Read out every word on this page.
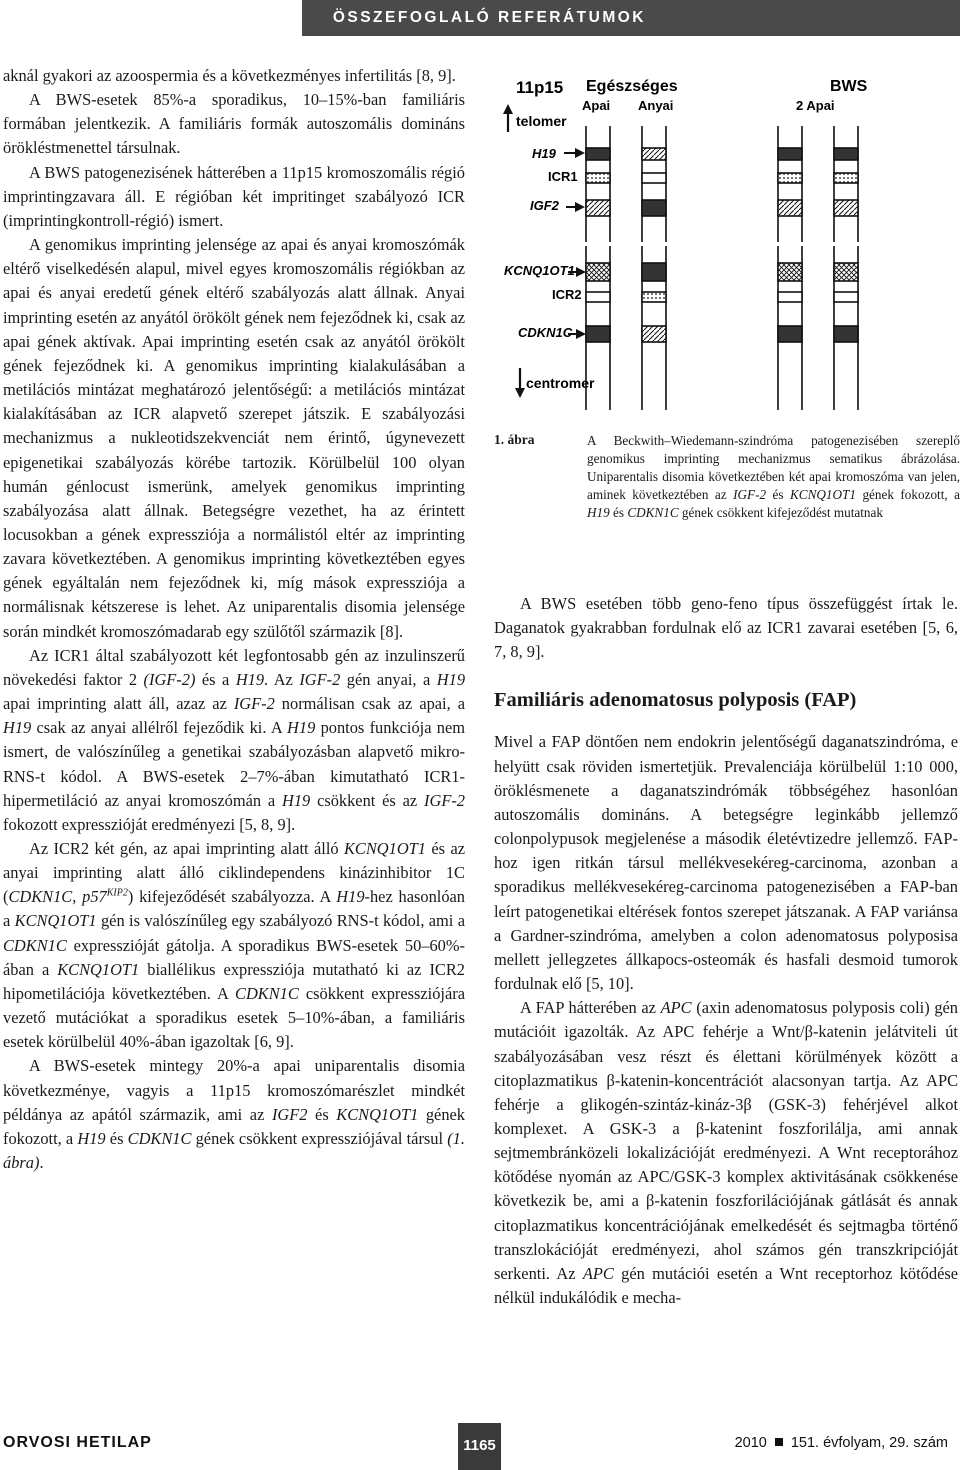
ÖSSZEFOGLALÓ REFERÁTUMOK

aknál gyakori az azoospermia és a következményes infertilitás [8, 9].

A BWS-esetek 85%-a sporadikus, 10–15%-ban familiáris formában jelentkezik. A familiáris formák autoszomális domináns örökléstmenettel társulnak.

A BWS patogenezisének hátterében a 11p15 kromoszomális régió imprintingzavara áll. E régióban két impritinget szabályozó ICR (imprintingkontroll-régió) ismert.

A genomikus imprinting jelensége az apai és anyai kromoszómák eltérő viselkedésén alapul, mivel egyes kromoszomális régiókban az apai és anyai eredetű gének eltérő szabályozás alatt állnak. Anyai imprinting esetén az anyától örökölt gének nem fejeződnek ki, csak az apai gének aktívak. Apai imprinting esetén csak az anyától örökölt gének fejeződnek ki. A genomikus imprinting kialakulásában a metilációs mintázat meghatározó jelentőségű: a metilációs mintázat kialakításában az ICR alapvető szerepet játszik. E szabályozási mechanizmus a nukleotidszekvenciát nem érintő, úgynevezett epigenetikai szabályozás körébe tartozik. Körülbelül 100 olyan humán génlocust ismerünk, amelyek genomikus imprinting szabályozása alatt állnak. Betegségre vezethet, ha az érintett locusokban a gének expressziója a normálistól eltér az imprinting zavara következtében. A genomikus imprinting következtében egyes gének egyáltalán nem fejeződnek ki, míg mások expressziója a normálisnak kétszerese is lehet. Az uniparentalis disomia jelensége során mindkét kromoszómadarab egy szülőtől származik [8].

Az ICR1 által szabályozott két legfontosabb gén az inzulinszerű növekedési faktor 2 (IGF-2) és a H19. Az IGF-2 gén anyai, a H19 apai imprinting alatt áll, azaz az IGF-2 normálisan csak az apai, a H19 csak az anyai allélről fejeződik ki. A H19 pontos funkciója nem ismert, de valószínűleg a genetikai szabályozásban alapvető mikro-RNS-t kódol. A BWS-esetek 2–7%-ában kimutatható ICR1-hipermetiláció az anyai kromoszómán a H19 csökkent és az IGF-2 fokozott expresszióját eredményezi [5, 8, 9].

Az ICR2 két gén, az apai imprinting alatt álló KCNQ1OT1 és az anyai imprinting alatt álló ciklindependens kinázinhibitor 1C (CDKN1C, $p57^{KIP2}$) kifejeződését szabályozza. A H19-hez hasonlóan a KCNQ1OT1 gén is valószínűleg egy szabályozó RNS-t kódol, ami a CDKN1C expresszióját gátolja. A sporadikus BWS-esetek 50–60%-ában a KCNQ1OT1 biallélikus expressziója mutatható ki az ICR2 hipometilációja következtében. A CDKN1C csökkent expressziójára vezető mutációkat a sporadikus esetek 5–10%-ában, a familiáris esetek körülbelül 40%-ában igazoltak [6, 9].

A BWS-esetek mintegy 20%-a apai uniparentalis disomia következménye, vagyis a 11p15 kromoszómarészlet mindkét példánya az apától származik, ami az IGF2 és KCNQ1OT1 gének fokozott, a H19 és CDKN1C gének csökkent expressziójával társul (1. ábra).

11p15 Egészséges	BWS
Apai Anyai	2 Apai
telomer
H19
ICR1
IGF2
KCNQ1OT1
ICR2
CDKN1C
centromer
1. ábra	A Beckwith–Wiedemann-szindróma patogenezisében szereplő genomikus imprinting mechanizmus sematikus ábrázolása. Uniparentalis disomia következtében két apai kromoszóma van jelen, aminek következtében az IGF-2 és KCNQ1OT1 gének fokozott, a H19 és CDKN1C gének csökkent kifejeződést mutatnak

A BWS esetében több geno-feno típus összefüggést írtak le. Daganatok gyakrabban fordulnak elő az ICR1 zavarai esetében [5, 6, 7, 8, 9].

Familiáris adenomatosus polyposis (FAP)

Mivel a FAP döntően nem endokrin jelentőségű daganatszindróma, e helyütt csak röviden ismertetjük. Prevalenciája körülbelül 1:10 000, öröklésmenete a daganatszindrómák többségéhez hasonlóan autoszomális domináns. A betegségre leginkább jellemző colonpolypusok megjelenése a második életévtizedre jellemző. FAP-hoz igen ritkán társul mellékvesekéreg-carcinoma, azonban a sporadikus mellékvesekéreg-carcinoma patogenezisében a FAP-ban leírt patogenetikai eltérések fontos szerepet játszanak. A FAP variánsa a Gardner-szindróma, amelyben a colon adenomatosus polyposisa mellett jellegzetes állkapocs-osteomák és hasfali desmoid tumorok fordulnak elő [5, 10].

A FAP hátterében az APC (axin adenomatosus polyposis coli) gén mutációit igazolták. Az APC fehérje a Wnt/β-katenin jelátviteli út szabályozásában vesz részt és élettani körülmények között a citoplazmatikus β-katenin-koncentrációt alacsonyan tartja. Az APC fehérje a glikogén-szintáz-kináz-3β (GSK-3) fehérjével alkot komplexet. A GSK-3 a β-katenint foszforilálja, ami annak sejtmembránközeli lokalizációját eredményezi. A Wnt receptorához kötődése nyomán az APC/GSK-3 komplex aktivitásának csökkenése következik be, ami a β-katenin foszforilációjának gátlását és annak citoplazmatikus koncentrációjának emelkedését és sejtmagba történő transzlokációját eredményezi, ahol számos gén transzkripcióját serkenti. Az APC gén mutációi esetén a Wnt receptorhoz kötődése nélkül indukálódik e mecha-

ORVOSI HETILAP	1165	2010 151. évfolyam, 29. szám
